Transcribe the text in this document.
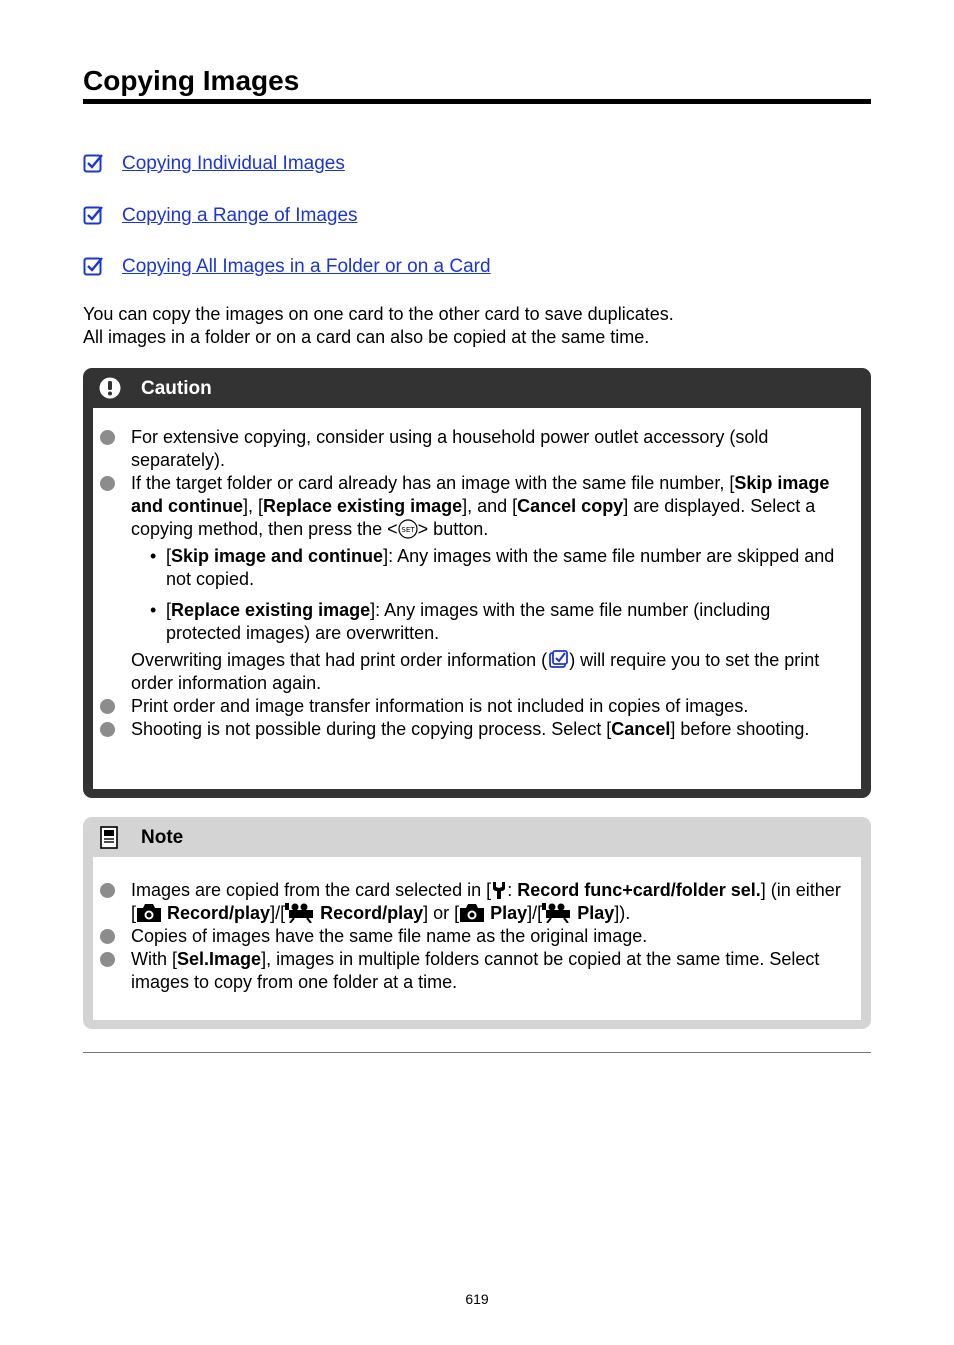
Copying Images
Copying Individual Images
Copying a Range of Images
Copying All Images in a Folder or on a Card

You can copy the images on one card to the other card to save duplicates.
All images in a folder or on a card can also be copied at the same time.

Caution
For extensive copying, consider using a household power outlet accessory (sold separately).
If the target folder or card already has an image with the same file number, [Skip image and continue], [Replace existing image], and [Cancel copy] are displayed. Select a copying method, then press the < SET > button.
• [Skip image and continue]: Any images with the same file number are skipped and not copied.
• [Replace existing image]: Any images with the same file number (including protected images) are overwritten.
Overwriting images that had print order information ( ) will require you to set the print order information again.
Print order and image transfer information is not included in copies of images.
Shooting is not possible during the copying process. Select [Cancel] before shooting.
Note
Images are copied from the card selected in [ : Record func+card/folder sel.] (in either [ Record/play]/[ Record/play] or [ Play]/[ Play]).
Copies of images have the same file name as the original image.
With [Sel.Image], images in multiple folders cannot be copied at the same time. Select images to copy from one folder at a time.
619
